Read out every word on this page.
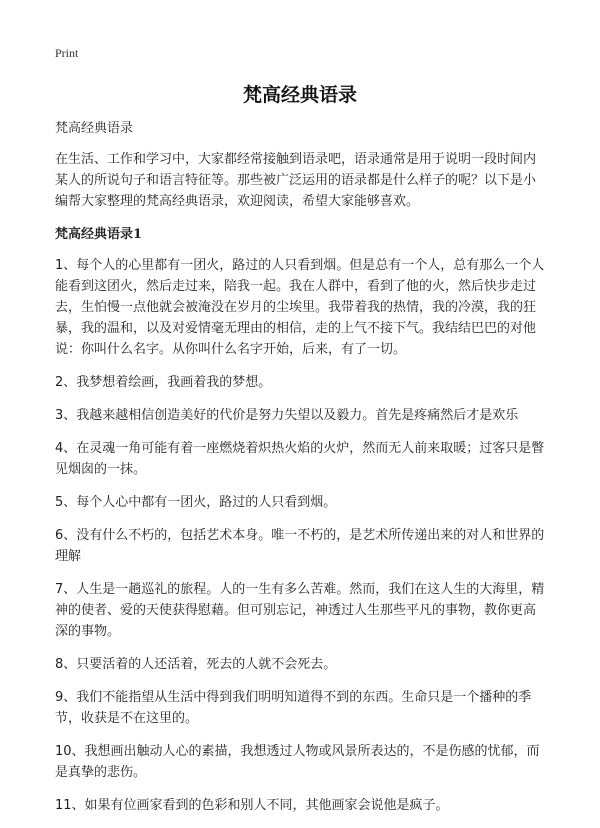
Print
梵高经典语录

梵高经典语录

在生活、工作和学习中，大家都经常接触到语录吧，语录通常是用于说明一段时间内某人的所说句子和语言特征等。那些被广泛运用的语录都是什么样子的呢？以下是小编帮大家整理的梵高经典语录，欢迎阅读，希望大家能够喜欢。

梵高经典语录1

1、每个人的心里都有一团火，路过的人只看到烟。但是总有一个人，总有那么一个人能看到这团火，然后走过来，陪我一起。我在人群中，看到了他的火，然后快步走过去，生怕慢一点他就会被淹没在岁月的尘埃里。我带着我的热情，我的冷漠，我的狂暴，我的温和，以及对爱情毫无理由的相信，走的上气不接下气。我结结巴巴的对他说：你叫什么名字。从你叫什么名字开始，后来，有了一切。

2、我梦想着绘画，我画着我的梦想。

3、我越来越相信创造美好的代价是努力失望以及毅力。首先是疼痛然后才是欢乐

4、在灵魂一角可能有着一座燃烧着炽热火焰的火炉，然而无人前来取暖；过客只是瞥见烟囱的一抹。

5、每个人心中都有一团火，路过的人只看到烟。

6、没有什么不朽的，包括艺术本身。唯一不朽的，是艺术所传递出来的对人和世界的理解

7、人生是一趟巡礼的旅程。人的一生有多么苦难。然而，我们在这人生的大海里，精神的使者、爱的天使获得慰藉。但可别忘记，神透过人生那些平凡的事物，教你更高深的事物。

8、只要活着的人还活着，死去的人就不会死去。

9、我们不能指望从生活中得到我们明明知道得不到的东西。生命只是一个播种的季节，收获是不在这里的。

10、我想画出触动人心的素描，我想透过人物或风景所表达的，不是伤感的忧郁，而是真挚的悲伤。

11、如果有位画家看到的色彩和别人不同，其他画家会说他是疯子。
